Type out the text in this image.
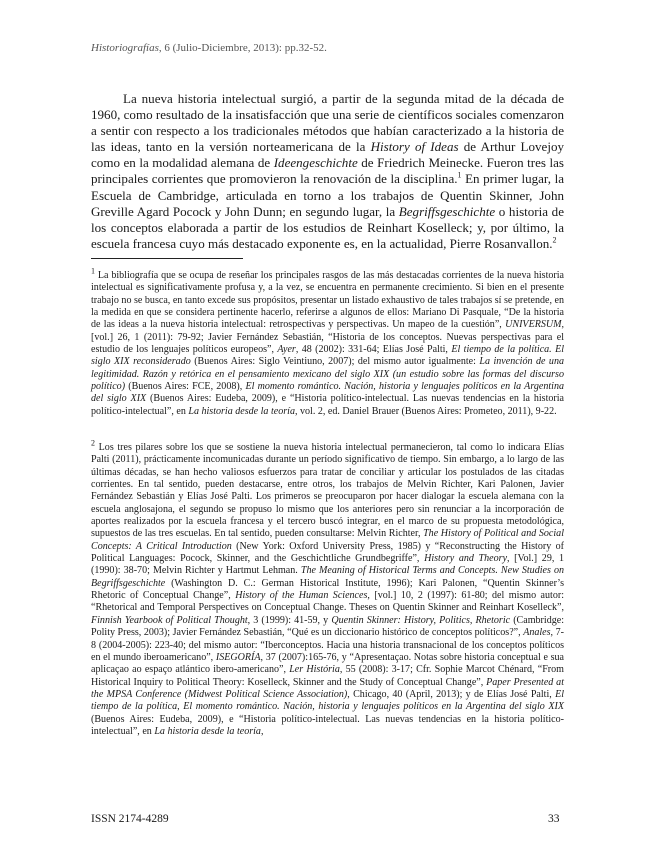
Historiografías, 6 (Julio-Diciembre, 2013): pp.32-52.
La nueva historia intelectual surgió, a partir de la segunda mitad de la década de 1960, como resultado de la insatisfacción que una serie de científicos sociales comenzaron a sentir con respecto a los tradicionales métodos que habían caracterizado a la historia de las ideas, tanto en la versión norteamericana de la History of Ideas de Arthur Lovejoy como en la modalidad alemana de Ideengeschichte de Friedrich Meinecke. Fueron tres las principales corrientes que promovieron la renovación de la disciplina.$^1$ En primer lugar, la Escuela de Cambridge, articulada en torno a los trabajos de Quentin Skinner, John Greville Agard Pocock y John Dunn; en segundo lugar, la Begriffsgeschichte o historia de los conceptos elaborada a partir de los estudios de Reinhart Koselleck; y, por último, la escuela francesa cuyo más destacado exponente es, en la actualidad, Pierre Rosanvallon.$^2$
$^1$ La bibliografía que se ocupa de reseñar los principales rasgos de las más destacadas corrientes de la nueva historia intelectual es significativamente profusa y, a la vez, se encuentra en permanente crecimiento. Si bien en el presente trabajo no se busca, en tanto excede sus propósitos, presentar un listado exhaustivo de tales trabajos sí se pretende, en la medida en que se considera pertinente hacerlo, referirse a algunos de ellos: Mariano Di Pasquale, “De la historia de las ideas a la nueva historia intelectual: retrospectivas y perspectivas. Un mapeo de la cuestión”, UNIVERSUM, [vol.] 26, 1 (2011): 79-92; Javier Fernández Sebastián, “Historia de los conceptos. Nuevas perspectivas para el estudio de los lenguajes políticos europeos”, Ayer, 48 (2002): 331-64; Elías José Palti, El tiempo de la política. El siglo XIX reconsiderado (Buenos Aires: Siglo Veintiuno, 2007); del mismo autor igualmente: La invención de una legitimidad. Razón y retórica en el pensamiento mexicano del siglo XIX (un estudio sobre las formas del discurso político) (Buenos Aires: FCE, 2008), El momento romántico. Nación, historia y lenguajes políticos en la Argentina del siglo XIX (Buenos Aires: Eudeba, 2009), e “Historia político-intelectual. Las nuevas tendencias en la historia político-intelectual”, en La historia desde la teoría, vol. 2, ed. Daniel Brauer (Buenos Aires: Prometeo, 2011), 9-22.
$^2$ Los tres pilares sobre los que se sostiene la nueva historia intelectual permanecieron, tal como lo indicara Elías Palti (2011), prácticamente incomunicadas durante un período significativo de tiempo. Sin embargo, a lo largo de las últimas décadas, se han hecho valiosos esfuerzos para tratar de conciliar y articular los postulados de las citadas corrientes. En tal sentido, pueden destacarse, entre otros, los trabajos de Melvin Richter, Kari Palonen, Javier Fernández Sebastián y Elías José Palti. Los primeros se preocuparon por hacer dialogar la escuela alemana con la escuela anglosajona, el segundo se propuso lo mismo que los anteriores pero sin renunciar a la incorporación de aportes realizados por la escuela francesa y el tercero buscó integrar, en el marco de su propuesta metodológica, supuestos de las tres escuelas. En tal sentido, pueden consultarse: Melvin Richter, The History of Political and Social Concepts: A Critical Introduction (New York: Oxford University Press, 1985) y “Reconstructing the History of Political Languages: Pocock, Skinner, and the Geschichtliche Grundbegriffe”, History and Theory, [Vol.] 29, 1 (1990): 38-70; Melvin Richter y Hartmut Lehman. The Meaning of Historical Terms and Concepts. New Studies on Begriffsgeschichte (Washington D. C.: German Historical Institute, 1996); Kari Palonen, “Quentin Skinner’s Rhetoric of Conceptual Change”, History of the Human Sciences, [vol.] 10, 2 (1997): 61-80; del mismo autor: “Rhetorical and Temporal Perspectives on Conceptual Change. Theses on Quentin Skinner and Reinhart Koselleck”, Finnish Yearbook of Political Thought, 3 (1999): 41-59, y Quentin Skinner: History, Politics, Rhetoric (Cambridge: Polity Press, 2003); Javier Fernández Sebastián, “Qué es un diccionario histórico de conceptos políticos?”, Anales, 7-8 (2004-2005): 223-40; del mismo autor: “Iberconceptos. Hacia una historia transnacional de los conceptos políticos en el mundo iberoamericano”, ISEGORÍA, 37 (2007):165-76, y “Apresentaçao. Notas sobre historia conceptual e sua aplicaçao ao espaço atlántico ibero-americano”, Ler História, 55 (2008): 3-17; Cfr. Sophie Marcot Chénard, “From Historical Inquiry to Political Theory: Koselleck, Skinner and the Study of Conceptual Change”, Paper Presented at the MPSA Conference (Midwest Political Science Association), Chicago, 40 (April, 2013); y de Elías José Palti, El tiempo de la política, El momento romántico. Nación, historia y lenguajes políticos en la Argentina del siglo XIX (Buenos Aires: Eudeba, 2009), e “Historia político-intelectual. Las nuevas tendencias en la historia político-intelectual”, en La historia desde la teoría,
ISSN 2174-4289	33
